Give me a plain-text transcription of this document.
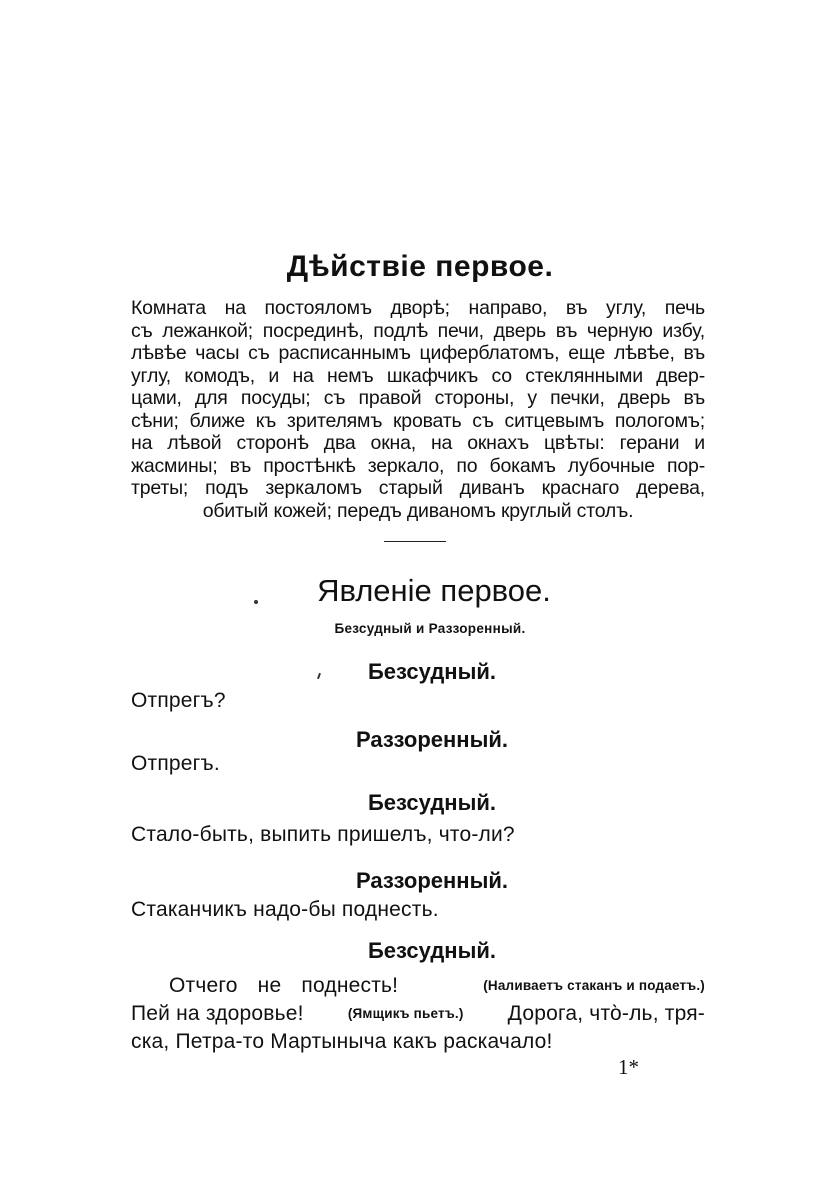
Дѣйствіе первое.
Комната на постояломъ дворѣ; направо, въ углу, печь
съ лежанкой; посрединѣ, подлѣ печи, дверь въ черную избу,
лѣвѣе часы съ расписаннымъ циферблатомъ, еще лѣвѣе, въ
углу, комодъ, и на немъ шкафчикъ со стеклянными двер-
цами, для посуды; съ правой стороны, у печки, дверь въ
сѣни; ближе къ зрителямъ кровать съ ситцевымъ пологомъ;
на лѣвой сторонѣ два окна, на окнахъ цвѣты: герани и
жасмины; въ простѣнкѣ зеркало, по бокамъ лубочные пор-
треты; подъ зеркаломъ старый диванъ краснаго дерева,
обитый кожей; передъ диваномъ круглый столъ.
Явленіе первое.
Безсудный и Раззоренный.
Безсудный.
Отпрегъ?
Раззоренный.
Отпрегъ.
Безсудный.
Стало-быть, выпить пришелъ, что-ли?
Раззоренный.
Стаканчикъ надо-бы поднесть.
Безсудный.
Отчего не поднесть!	(Наливаетъ стаканъ и подаетъ.)
Пей на здоровье!	(Ямщикъ пьетъ.) Дорога, что̀-ль, тря-
ска, Петра-то Мартыныча какъ раскачало!
1*
